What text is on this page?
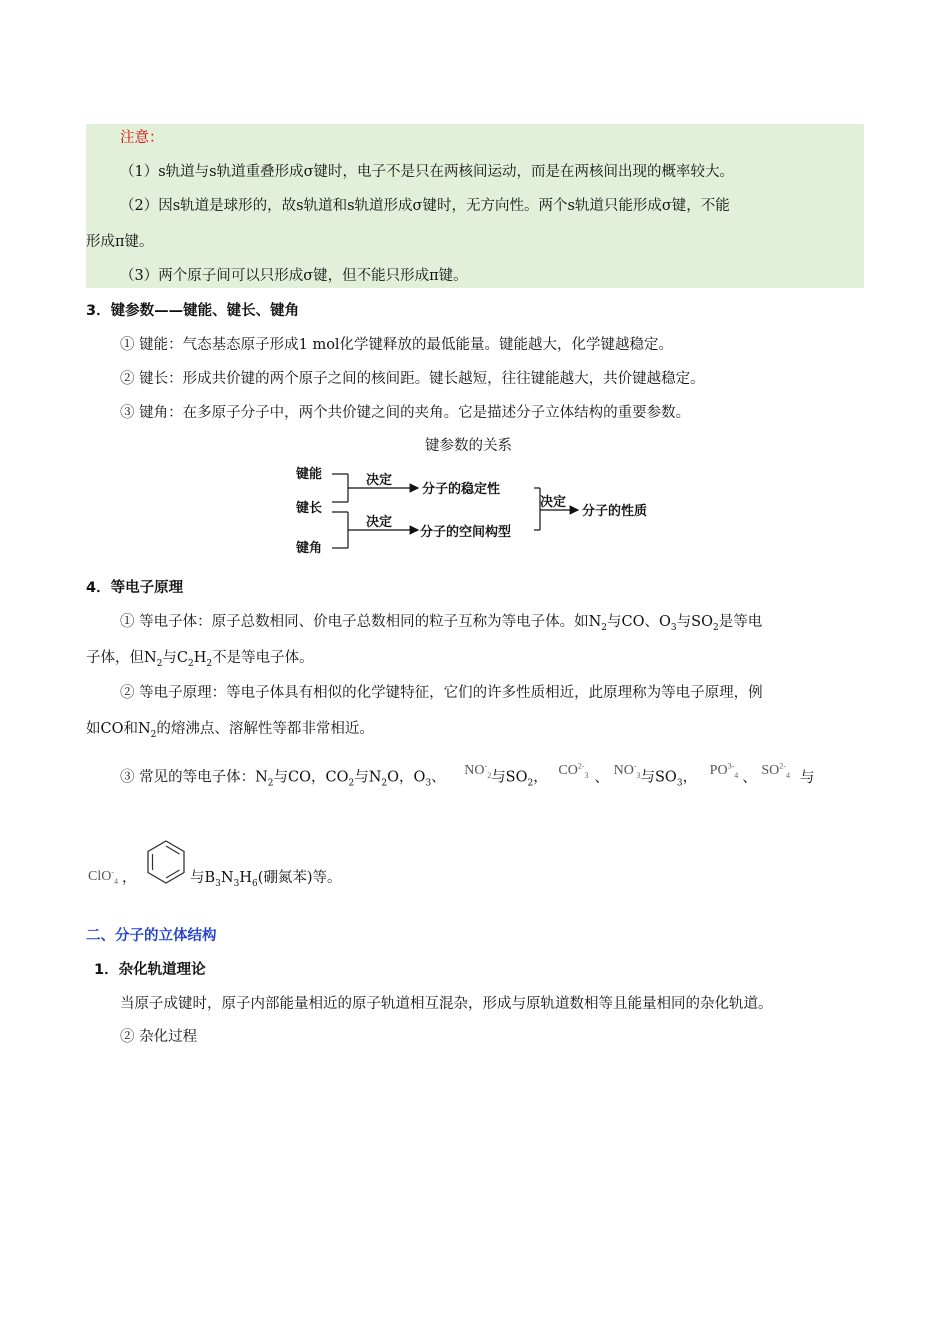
注意：
（1）s轨道与s轨道重叠形成σ键时，电子不是只在两核间运动，而是在两核间出现的概率较大。
（2）因s轨道是球形的，故s轨道和s轨道形成σ键时，无方向性。两个s轨道只能形成σ键，不能
形成π键。
（3）两个原子间可以只形成σ键，但不能只形成π键。
3．键参数——键能、键长、键角
① 键能：气态基态原子形成1 mol化学键释放的最低能量。键能越大，化学键越稳定。
② 键长：形成共价键的两个原子之间的核间距。键长越短，往往键能越大，共价键越稳定。
③ 键角：在多原子分子中，两个共价键之间的夹角。它是描述分子立体结构的重要参数。
键参数的关系
键能
键长
键角
决定
决定
决定
分子的稳定性
分子的空间构型
分子的性质
4．等电子原理
① 等电子体：原子总数相同、价电子总数相同的粒子互称为等电子体。如$N_2$与CO、$O_3$与$SO_2$是等电
子体，但$N_2$与$C_2H_2$不是等电子体。
② 等电子原理：等电子体具有相似的化学键特征，它们的许多性质相近，此原理称为等电子原理，例
如CO和$N_2$的熔沸点、溶解性等都非常相近。
③ 常见的等电子体：$N_2$与CO，$CO_2$与$N_2O$，$O_3$、 $NO^-_2$与$SO_2$， $CO^{2-}_3$ 、 $NO^-_3$与$SO_3$， $PO^{3-}_4$ 、 $SO^{2-}_4$ 与
ClO-$_4$ ，	与$B_3N_3H_6$(硼氮苯)等。
二、分子的立体结构
1．杂化轨道理论
当原子成键时，原子内部能量相近的原子轨道相互混杂，形成与原轨道数相等且能量相同的杂化轨道。
② 杂化过程
